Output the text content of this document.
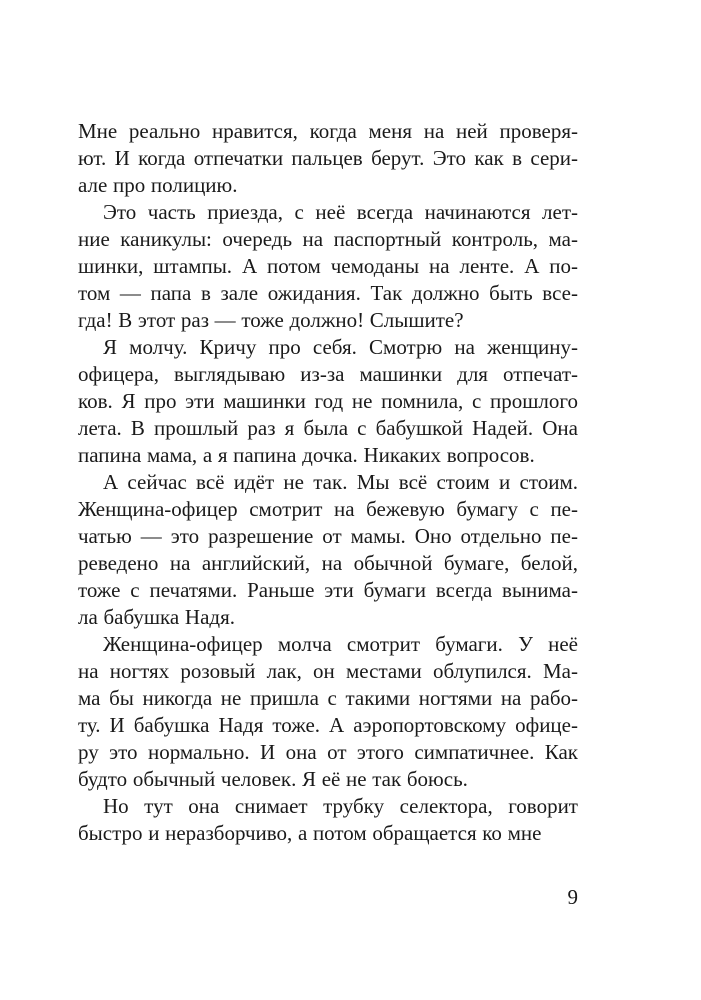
Мне реально нравится, когда меня на ней проверя-
ют. И когда отпечатки пальцев берут. Это как в сери-
але про полицию.
Это часть приезда, с неё всегда начинаются лет-
ние каникулы: очередь на паспортный контроль, ма-
шинки, штампы. А потом чемоданы на ленте. А по-
том — папа в зале ожидания. Так должно быть все-
гда! В этот раз — тоже должно! Слышите?
Я молчу. Кричу про себя. Смотрю на женщину-
офицера, выглядываю из-за машинки для отпечат-
ков. Я про эти машинки год не помнила, с прошлого
лета. В прошлый раз я была с бабушкой Надей. Она
папина мама, а я папина дочка. Никаких вопросов.
А сейчас всё идёт не так. Мы всё стоим и стоим.
Женщина-офицер смотрит на бежевую бумагу с пе-
чатью — это разрешение от мамы. Оно отдельно пе-
реведено на английский, на обычной бумаге, белой,
тоже с печатями. Раньше эти бумаги всегда вынима-
ла бабушка Надя.
Женщина-офицер молча смотрит бумаги. У неё
на ногтях розовый лак, он местами облупился. Ма-
ма бы никогда не пришла с такими ногтями на рабо-
ту. И бабушка Надя тоже. А аэропортовскому офице-
ру это нормально. И она от этого симпатичнее. Как
будто обычный человек. Я её не так боюсь.
Но тут она снимает трубку селектора, говорит
быстро и неразборчиво, а потом обращается ко мне
9
